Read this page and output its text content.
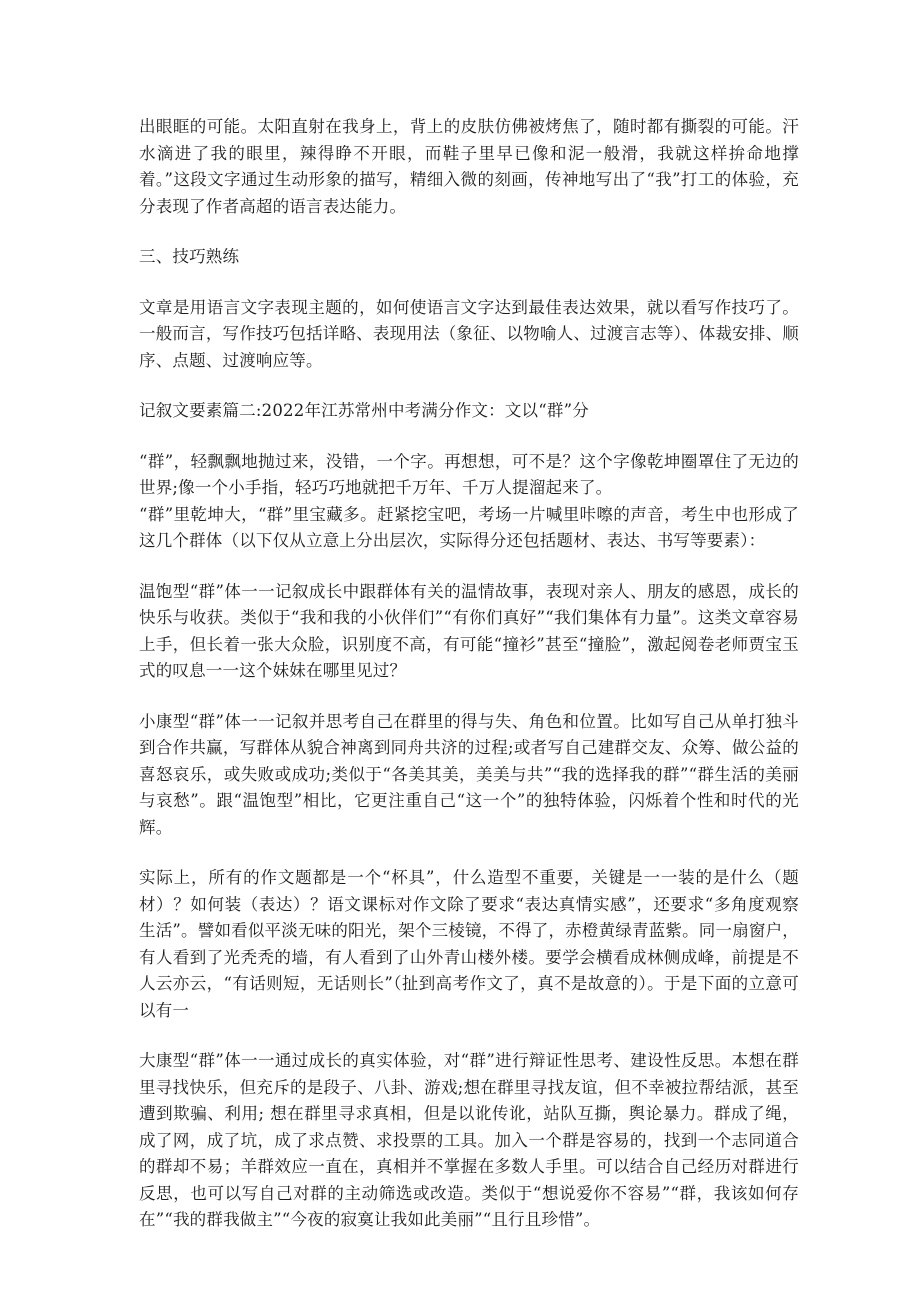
出眼眶的可能。太阳直射在我身上，背上的皮肤仿佛被烤焦了，随时都有撕裂的可能。汗水滴进了我的眼里，辣得睁不开眼，而鞋子里早已像和泥一般滑，我就这样拚命地撑着。”这段文字通过生动形象的描写，精细入微的刻画，传神地写出了“我”打工的体验，充分表现了作者高超的语言表达能力。

三、技巧熟练

文章是用语言文字表现主题的，如何使语言文字达到最佳表达效果，就以看写作技巧了。一般而言，写作技巧包括详略、表现用法（象征、以物喻人、过渡言志等）、体裁安排、顺序、点题、过渡响应等。

记叙文要素篇二:2022年江苏常州中考满分作文：文以“群”分

“群”，轻飘飘地抛过来，没错，一个字。再想想，可不是？这个字像乾坤圈罩住了无边的世界;像一个小手指，轻巧巧地就把千万年、千万人提溜起来了。

“群”里乾坤大，“群”里宝藏多。赶紧挖宝吧，考场一片喊里咔嚓的声音，考生中也形成了这几个群体（以下仅从立意上分出层次，实际得分还包括题材、表达、书写等要素）：

温饱型“群”体一一记叙成长中跟群体有关的温情故事，表现对亲人、朋友的感恩，成长的快乐与收获。类似于“我和我的小伙伴们”“有你们真好”“我们集体有力量”。这类文章容易上手，但长着一张大众脸，识别度不高，有可能“撞衫”甚至“撞脸”，激起阅卷老师贾宝玉式的叹息一一这个妹妹在哪里见过？

小康型“群”体一一记叙并思考自己在群里的得与失、角色和位置。比如写自己从单打独斗到合作共赢，写群体从貌合神离到同舟共济的过程;或者写自己建群交友、众筹、做公益的喜怒哀乐，或失败或成功;类似于“各美其美，美美与共”“我的选择我的群”“群生活的美丽与哀愁”。跟“温饱型”相比，它更注重自己“这一个”的独特体验，闪烁着个性和时代的光辉。

实际上，所有的作文题都是一个“杯具”，什么造型不重要，关键是一一装的是什么（题材）？如何装（表达）？语文课标对作文除了要求“表达真情实感”，还要求“多角度观察生活”。譬如看似平淡无味的阳光，架个三棱镜，不得了，赤橙黄绿青蓝紫。同一扇窗户，有人看到了光秃秃的墙，有人看到了山外青山楼外楼。要学会横看成林侧成峰，前提是不人云亦云，“有话则短，无话则长”（扯到高考作文了，真不是故意的）。于是下面的立意可以有一

大康型“群”体一一通过成长的真实体验，对“群”进行辩证性思考、建设性反思。本想在群里寻找快乐，但充斥的是段子、八卦、游戏;想在群里寻找友谊，但不幸被拉帮结派，甚至遭到欺骗、利用; 想在群里寻求真相，但是以讹传讹，站队互撕，舆论暴力。群成了绳，成了网，成了坑，成了求点赞、求投票的工具。加入一个群是容易的，找到一个志同道合的群却不易；羊群效应一直在，真相并不掌握在多数人手里。可以结合自己经历对群进行反思，也可以写自己对群的主动筛选或改造。类似于“想说爱你不容易”“群，我该如何存在”“我的群我做主”“今夜的寂寞让我如此美丽”“且行且珍惜”。
